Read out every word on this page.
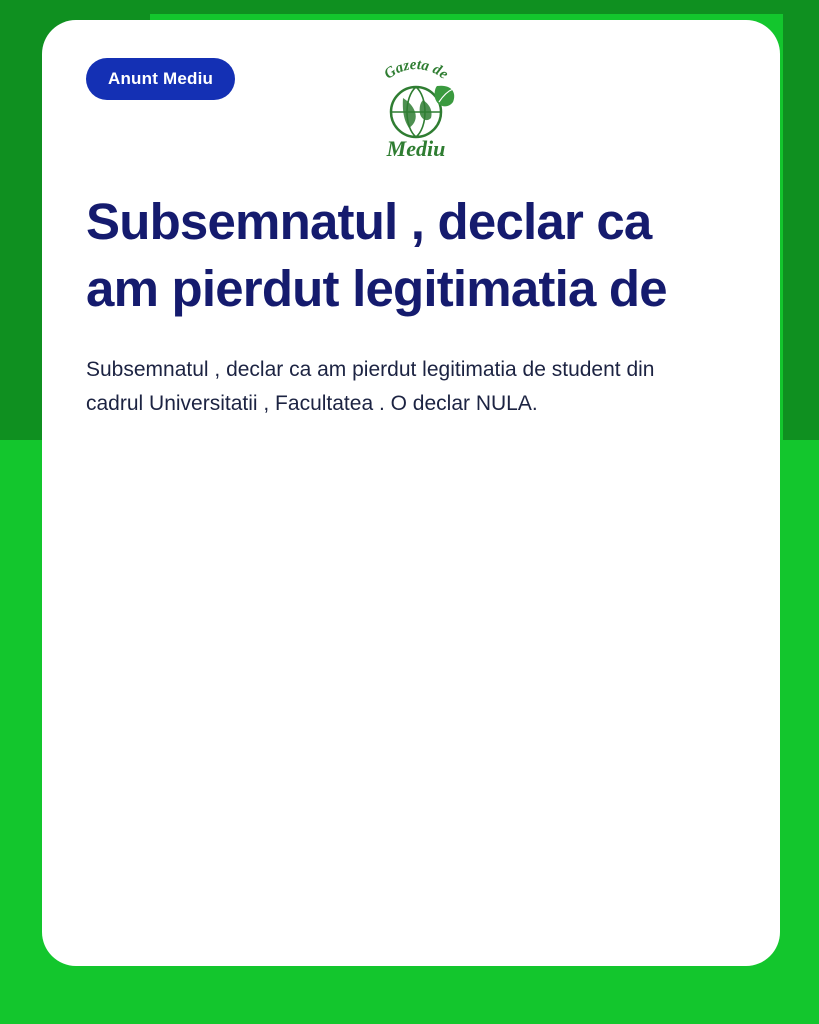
Anunt Mediu	Gazeta de
Mediu
Subsemnatul , declar ca am pierdut legitimatia de

Subsemnatul , declar ca am pierdut legitimatia de student din cadrul Universitatii , Facultatea . O declar NULA.
